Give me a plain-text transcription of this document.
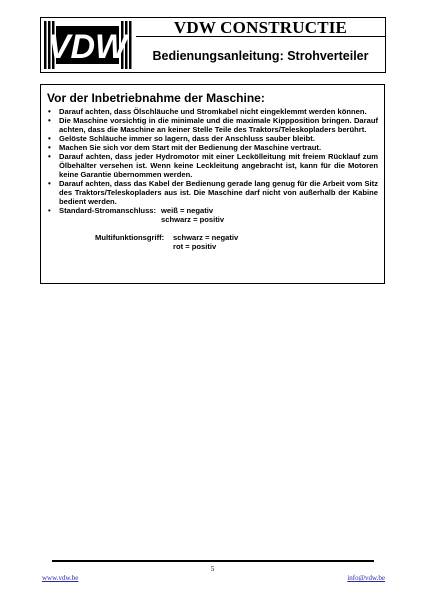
VDW
VDW CONSTRUCTIE
Bedienungsanleitung: Strohverteiler
Vor der Inbetriebnahme der Maschine:
• Darauf achten, dass Ölschläuche und Stromkabel nicht eingeklemmt werden können.
• Die Maschine vorsichtig in die minimale und die maximale Kippposition bringen. Darauf achten, dass die Maschine an keiner Stelle Teile des Traktors/Teleskopladers berührt.
• Gelöste Schläuche immer so lagern, dass der Anschluss sauber bleibt.
• Machen Sie sich vor dem Start mit der Bedienung der Maschine vertraut.
• Darauf achten, dass jeder Hydromotor mit einer Leckölleitung mit freiem Rücklauf zum Ölbehälter versehen ist. Wenn keine Leckleitung angebracht ist, kann für die Motoren keine Garantie übernommen werden.
• Darauf achten, dass das Kabel der Bedienung gerade lang genug für die Arbeit vom Sitz des Traktors/Teleskopladers aus ist. Die Maschine darf nicht von außerhalb der Kabine bedient werden.
• Standard-Stromanschluss: weiß = negativ
schwarz = positiv
Multifunktionsgriff:	schwarz = negativ
rot = positiv
5
www.vdw.be	info@vdw.be
